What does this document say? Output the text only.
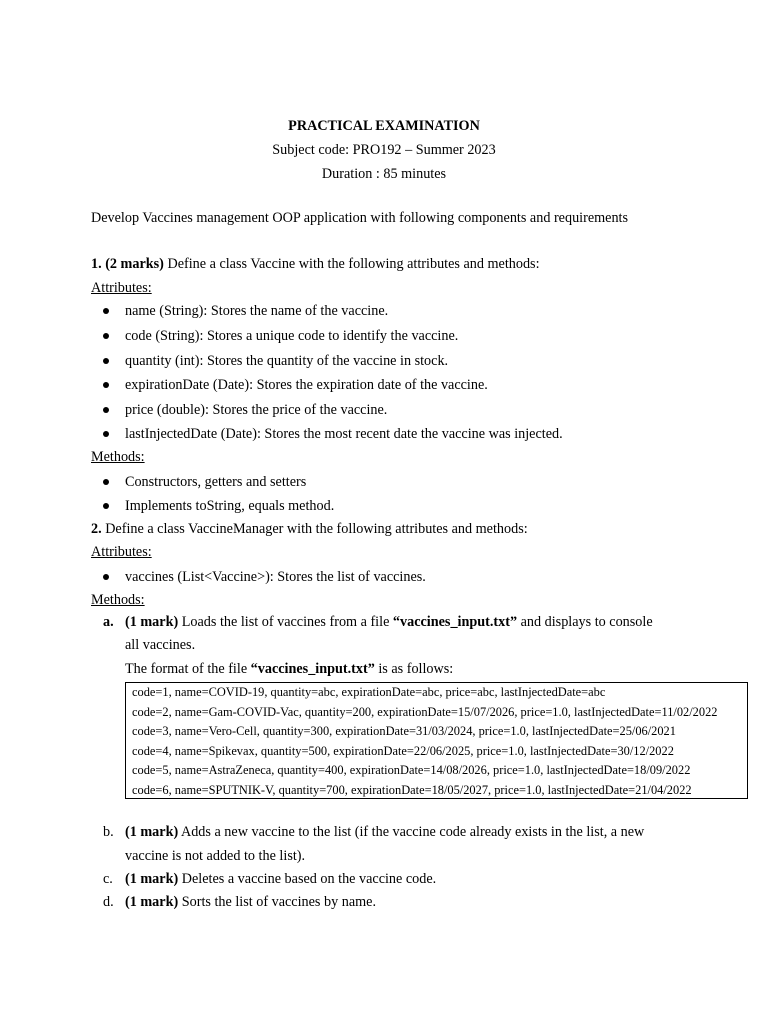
PRACTICAL EXAMINATION
Subject code: PRO192 – Summer 2023
Duration : 85 minutes
Develop Vaccines management OOP application with following components and requirements
1. (2 marks) Define a class Vaccine with the following attributes and methods:
Attributes:
name (String): Stores the name of the vaccine.
code (String): Stores a unique code to identify the vaccine.
quantity (int): Stores the quantity of the vaccine in stock.
expirationDate (Date): Stores the expiration date of the vaccine.
price (double): Stores the price of the vaccine.
lastInjectedDate (Date): Stores the most recent date the vaccine was injected.
Methods:
Constructors, getters and setters
Implements toString, equals method.
2. Define a class VaccineManager with the following attributes and methods:
Attributes:
vaccines (List<Vaccine>): Stores the list of vaccines.
Methods:
a. (1 mark) Loads the list of vaccines from a file “vaccines_input.txt” and displays to console
all vaccines.
The format of the file “vaccines_input.txt” is as follows:
code=1, name=COVID-19, quantity=abc, expirationDate=abc, price=abc, lastInjectedDate=abc
code=2, name=Gam-COVID-Vac, quantity=200, expirationDate=15/07/2026, price=1.0, lastInjectedDate=11/02/2022
code=3, name=Vero-Cell, quantity=300, expirationDate=31/03/2024, price=1.0, lastInjectedDate=25/06/2021
code=4, name=Spikevax, quantity=500, expirationDate=22/06/2025, price=1.0, lastInjectedDate=30/12/2022
code=5, name=AstraZeneca, quantity=400, expirationDate=14/08/2026, price=1.0, lastInjectedDate=18/09/2022
code=6, name=SPUTNIK-V, quantity=700, expirationDate=18/05/2027, price=1.0, lastInjectedDate=21/04/2022
b. (1 mark) Adds a new vaccine to the list (if the vaccine code already exists in the list, a new
vaccine is not added to the list).
c. (1 mark) Deletes a vaccine based on the vaccine code.
d. (1 mark) Sorts the list of vaccines by name.
